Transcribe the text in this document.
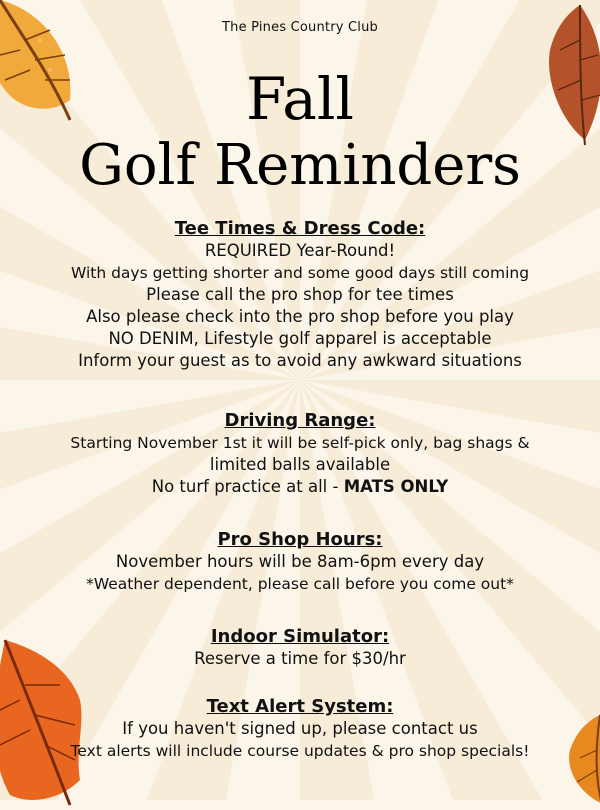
The Pines Country Club
Fall
Golf Reminders
Tee Times & Dress Code:
REQUIRED Year-Round!
With days getting shorter and some good days still coming
Please call the pro shop for tee times
Also please check into the pro shop before you play
NO DENIM, Lifestyle golf apparel is acceptable
Inform your guest as to avoid any awkward situations
Driving Range:
Starting November 1st it will be self-pick only, bag shags &
limited balls available
No turf practice at all - MATS ONLY
Pro Shop Hours:
November hours will be 8am-6pm every day
*Weather dependent, please call before you come out*
Indoor Simulator:
Reserve a time for $30/hr
Text Alert System:
If you haven't signed up, please contact us
Text alerts will include course updates & pro shop specials!
